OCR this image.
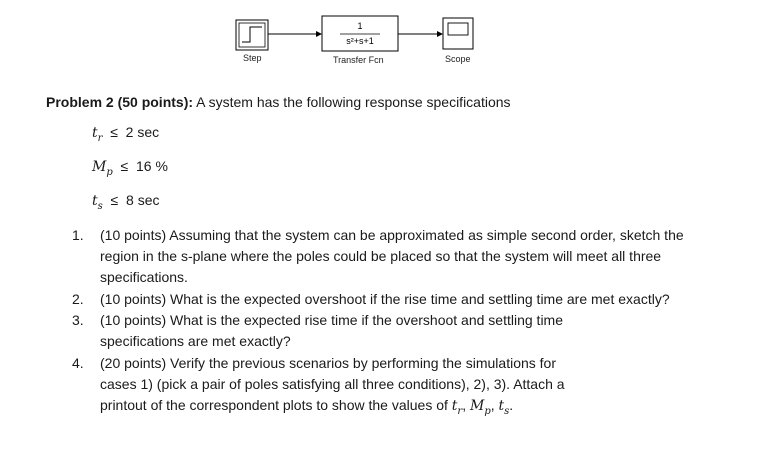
1
s²+s+1
Step	Transfer Fcn	Scope
Problem 2 (50 points): A system has the following response specifications
$t_r \le 2$ sec
$M_p \le 16$ %
$t_s \le 8$ sec
1. (10 points) Assuming that the system can be approximated as simple second order, sketch the
region in the s-plane where the poles could be placed so that the system will meet all three
specifications.
2. (10 points) What is the expected overshoot if the rise time and settling time are met exactly?
3. (10 points) What is the expected rise time if the overshoot and settling time
specifications are met exactly?
4. (20 points) Verify the previous scenarios by performing the simulations for
cases 1) (pick a pair of poles satisfying all three conditions), 2), 3). Attach a
printout of the correspondent plots to show the values of $t_r$, $M_p$, $t_s$.
